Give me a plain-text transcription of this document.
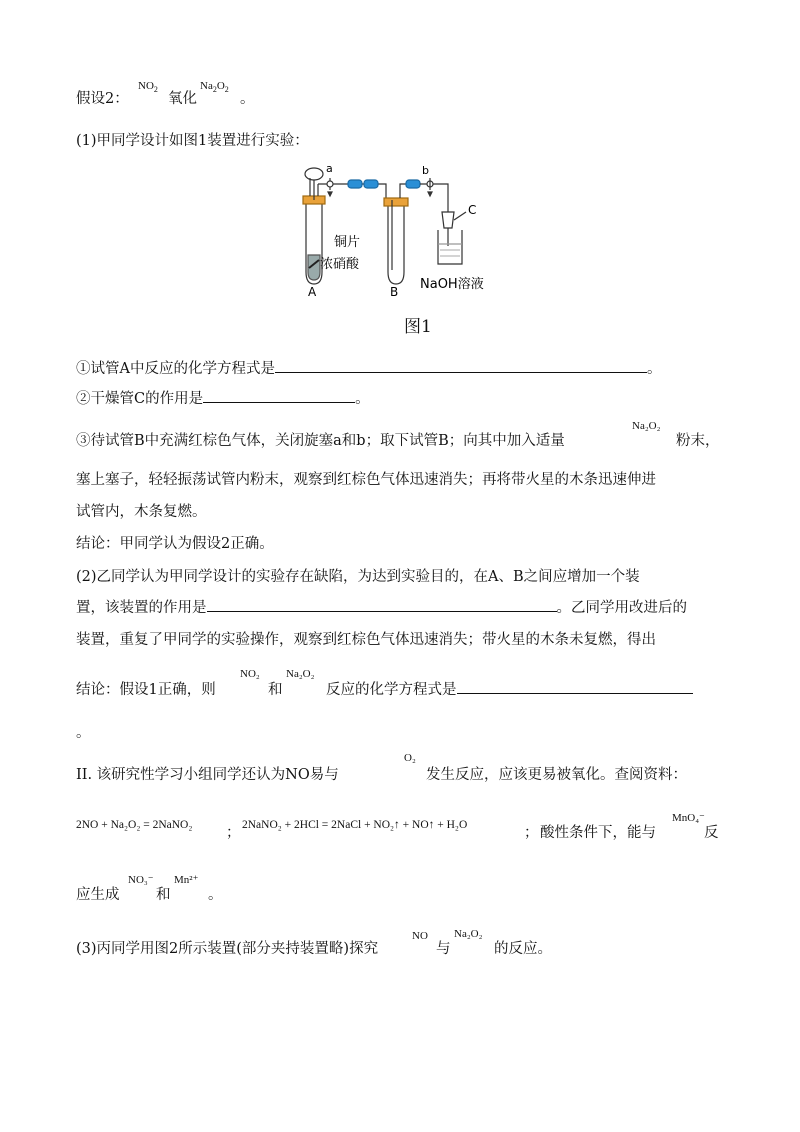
假设2：
$NO_2$
氧化
$Na_2O_2$
。
(1)甲同学设计如图1装置进行实验：
a	b
C
铜片
浓硝酸
NaOH溶液
A	B
图1
①试管A中反应的化学方程式是	。
②干燥管C的作用是	。
③待试管B中充满红棕色气体，关闭旋塞a和b；取下试管B；向其中加入适量
Na₂O₂
粉末，
塞上塞子，轻轻振荡试管内粉末，观察到红棕色气体迅速消失；再将带火星的木条迅速伸进
试管内，木条复燃。
结论：甲同学认为假设2正确。
(2)乙同学认为甲同学设计的实验存在缺陷，为达到实验目的，在A、B之间应增加一个装
置，该装置的作用是	。乙同学用改进后的
装置，重复了甲同学的实验操作，观察到红棕色气体迅速消失；带火星的木条未复燃，得出
结论：假设1正确，则
NO₂
和
Na₂O₂
反应的化学方程式是
。
II. 该研究性学习小组同学还认为NO易与
O₂
发生反应，应该更易被氧化。查阅资料：
2NO + Na₂O₂ = 2NaNO₂ ； 2NaNO₂ + 2HCl = 2NaCl + NO₂↑ + NO↑ + H₂O	； 酸性条件下，能与
MnO₄⁻
反
应生成
NO₃⁻
和
Mn²⁺
。
(3)丙同学用图2所示装置(部分夹持装置略)探究
NO
与
Na₂O₂
的反应。
